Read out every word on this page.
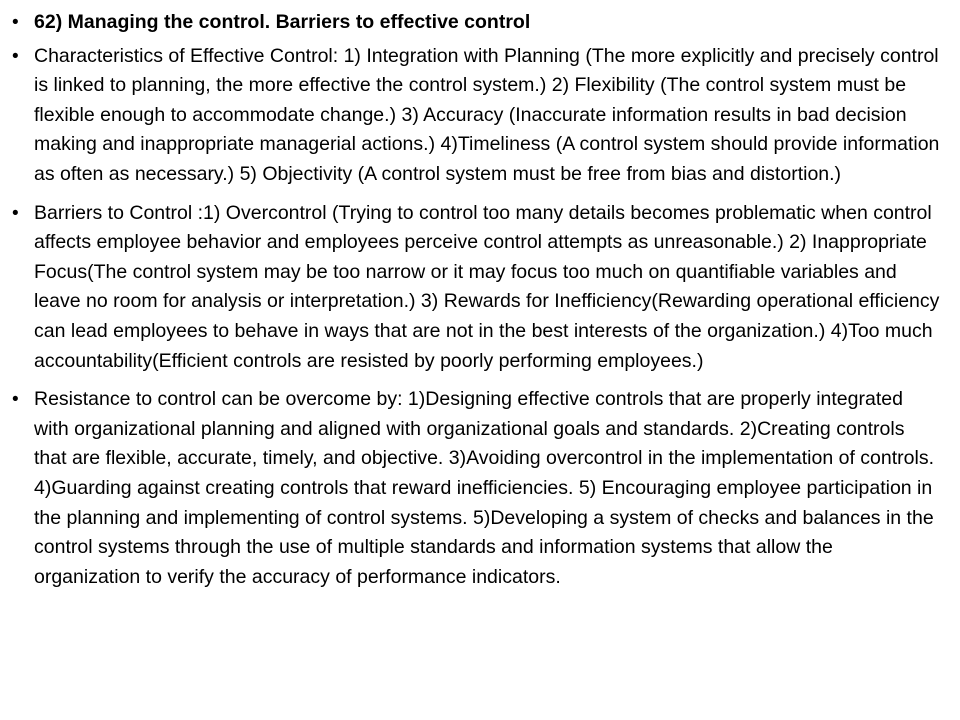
• 62) Managing the control. Barriers to effective control
• Characteristics of Effective Control: 1) Integration with Planning (The more explicitly and precisely control is linked to planning, the more effective the control system.) 2) Flexibility (The control system must be flexible enough to accommodate change.) 3) Accuracy (Inaccurate information results in bad decision making and inappropriate managerial actions.) 4)Timeliness (A control system should provide information as often as necessary.) 5) Objectivity (A control system must be free from bias and distortion.)
• Barriers to Control :1) Overcontrol (Trying to control too many details becomes problematic when control affects employee behavior and employees perceive control attempts as unreasonable.) 2) Inappropriate Focus(The control system may be too narrow or it may focus too much on quantifiable variables and leave no room for analysis or interpretation.) 3) Rewards for Inefficiency(Rewarding operational efficiency can lead employees to behave in ways that are not in the best interests of the organization.) 4)Too much accountability(Efficient controls are resisted by poorly performing employees.)
• Resistance to control can be overcome by: 1)Designing effective controls that are properly integrated with organizational planning and aligned with organizational goals and standards. 2)Creating controls that are flexible, accurate, timely, and objective. 3)Avoiding overcontrol in the implementation of controls. 4)Guarding against creating controls that reward inefficiencies. 5) Encouraging employee participation in the planning and implementing of control systems. 5)Developing a system of checks and balances in the control systems through the use of multiple standards and information systems that allow the organization to verify the accuracy of performance indicators.
